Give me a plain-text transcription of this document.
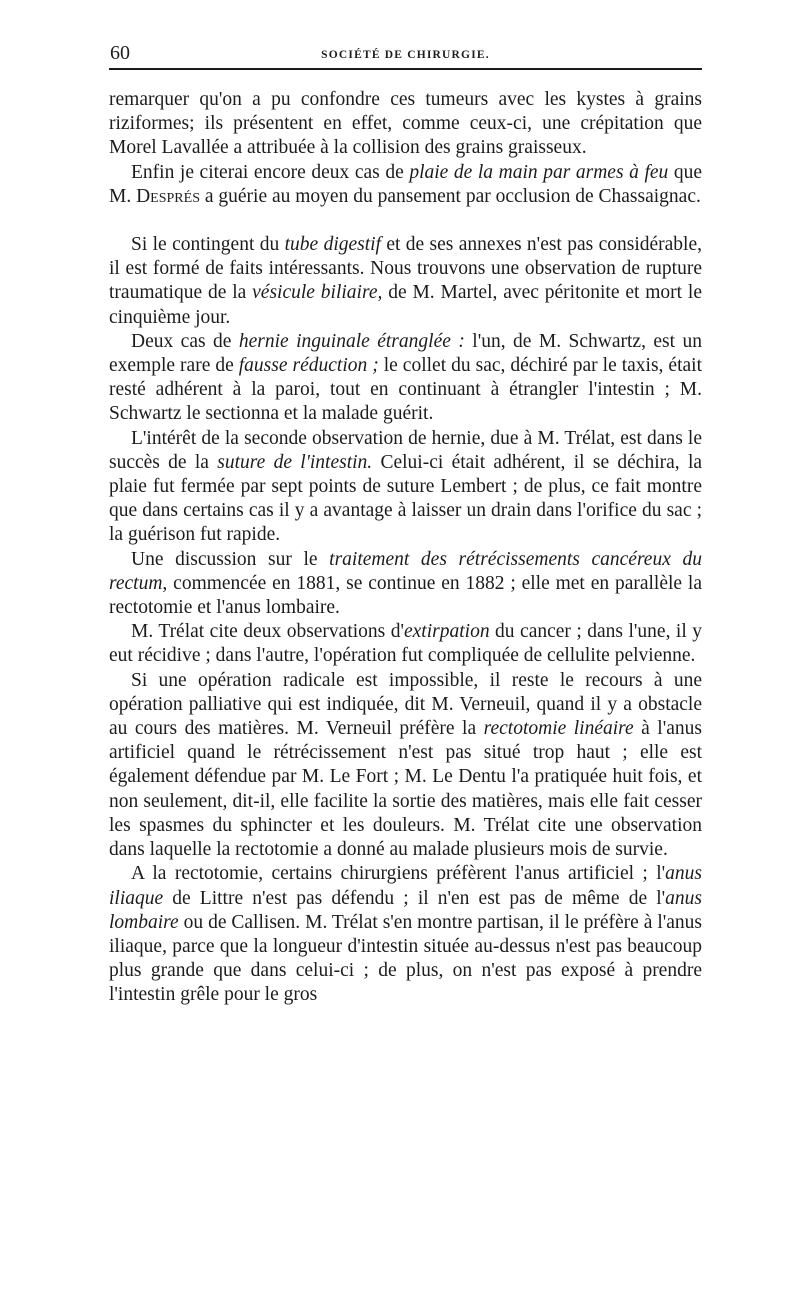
60	SOCIÉTÉ DE CHIRURGIE.

remarquer qu'on a pu confondre ces tumeurs avec les kystes à grains riziformes; ils présentent en effet, comme ceux-ci, une crépitation que Morel Lavallée a attribuée à la collision des grains graisseux.

Enfin je citerai encore deux cas de plaie de la main par armes à feu que M. Després a guérie au moyen du pansement par occlusion de Chassaignac.

Si le contingent du tube digestif et de ses annexes n'est pas considérable, il est formé de faits intéressants. Nous trouvons une observation de rupture traumatique de la vésicule biliaire, de M. Martel, avec péritonite et mort le cinquième jour.

Deux cas de hernie inguinale étranglée : l'un, de M. Schwartz, est un exemple rare de fausse réduction ; le collet du sac, déchiré par le taxis, était resté adhérent à la paroi, tout en continuant à étrangler l'intestin ; M. Schwartz le sectionna et la malade guérit.

L'intérêt de la seconde observation de hernie, due à M. Trélat, est dans le succès de la suture de l'intestin. Celui-ci était adhérent, il se déchira, la plaie fut fermée par sept points de suture Lembert ; de plus, ce fait montre que dans certains cas il y a avantage à laisser un drain dans l'orifice du sac ; la guérison fut rapide.

Une discussion sur le traitement des rétrécissements cancéreux du rectum, commencée en 1881, se continue en 1882 ; elle met en parallèle la rectotomie et l'anus lombaire.

M. Trélat cite deux observations d'extirpation du cancer ; dans l'une, il y eut récidive ; dans l'autre, l'opération fut compliquée de cellulite pelvienne.

Si une opération radicale est impossible, il reste le recours à une opération palliative qui est indiquée, dit M. Verneuil, quand il y a obstacle au cours des matières. M. Verneuil préfère la rectotomie linéaire à l'anus artificiel quand le rétrécissement n'est pas situé trop haut ; elle est également défendue par M. Le Fort ; M. Le Dentu l'a pratiquée huit fois, et non seulement, dit-il, elle facilite la sortie des matières, mais elle fait cesser les spasmes du sphincter et les douleurs. M. Trélat cite une observation dans laquelle la rectotomie a donné au malade plusieurs mois de survie.

A la rectotomie, certains chirurgiens préfèrent l'anus artificiel ; l'anus iliaque de Littre n'est pas défendu ; il n'en est pas de même de l'anus lombaire ou de Callisen. M. Trélat s'en montre partisan, il le préfère à l'anus iliaque, parce que la longueur d'intestin située au-dessus n'est pas beaucoup plus grande que dans celui-ci ; de plus, on n'est pas exposé à prendre l'intestin grêle pour le gros
